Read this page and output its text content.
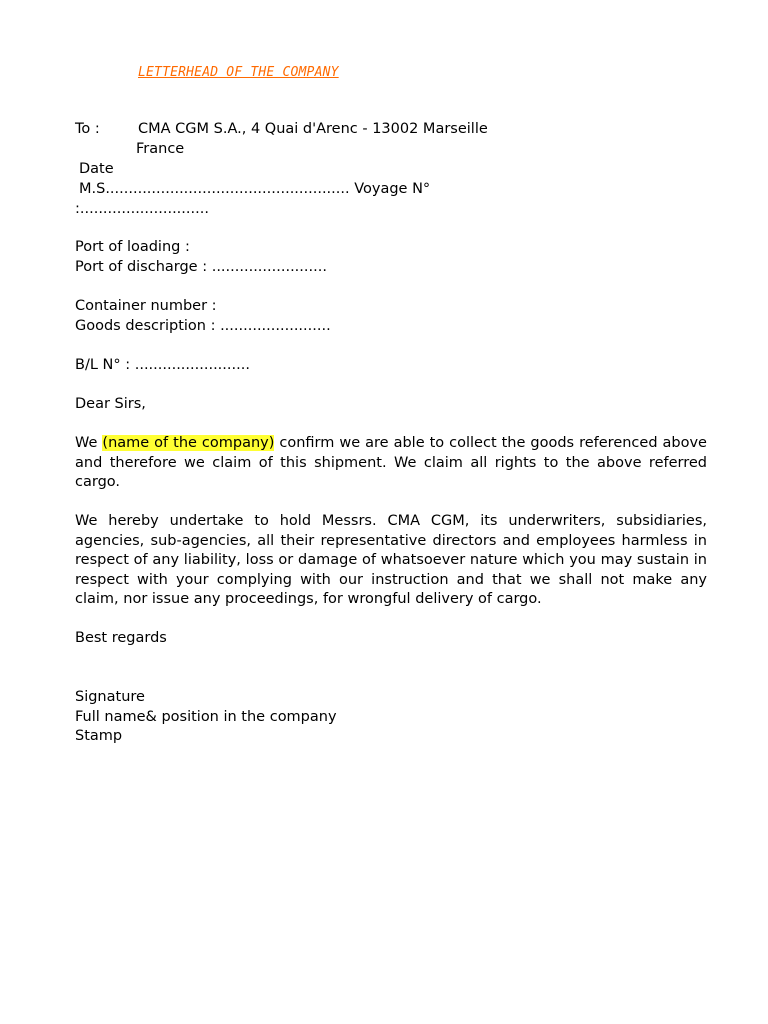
LETTERHEAD OF THE COMPANY
To :	CMA CGM S.A., 4 Quai d'Arenc - 13002 Marseille
France
Date
M.S..................................................... Voyage N°
:............................
Port of loading :
Port of discharge : .........................
Container number :
Goods description : ........................
B/L N° : .........................
Dear Sirs,
We (name of the company) confirm we are able to collect the goods referenced above and therefore we claim of this shipment. We claim all rights to the above referred cargo.
We hereby undertake to hold Messrs. CMA CGM, its underwriters, subsidiaries, agencies, sub-agencies, all their representative directors and employees harmless in respect of any liability, loss or damage of whatsoever nature which you may sustain in respect with your complying with our instruction and that we shall not make any claim, nor issue any proceedings, for wrongful delivery of cargo.
Best regards
Signature
Full name& position in the company
Stamp
